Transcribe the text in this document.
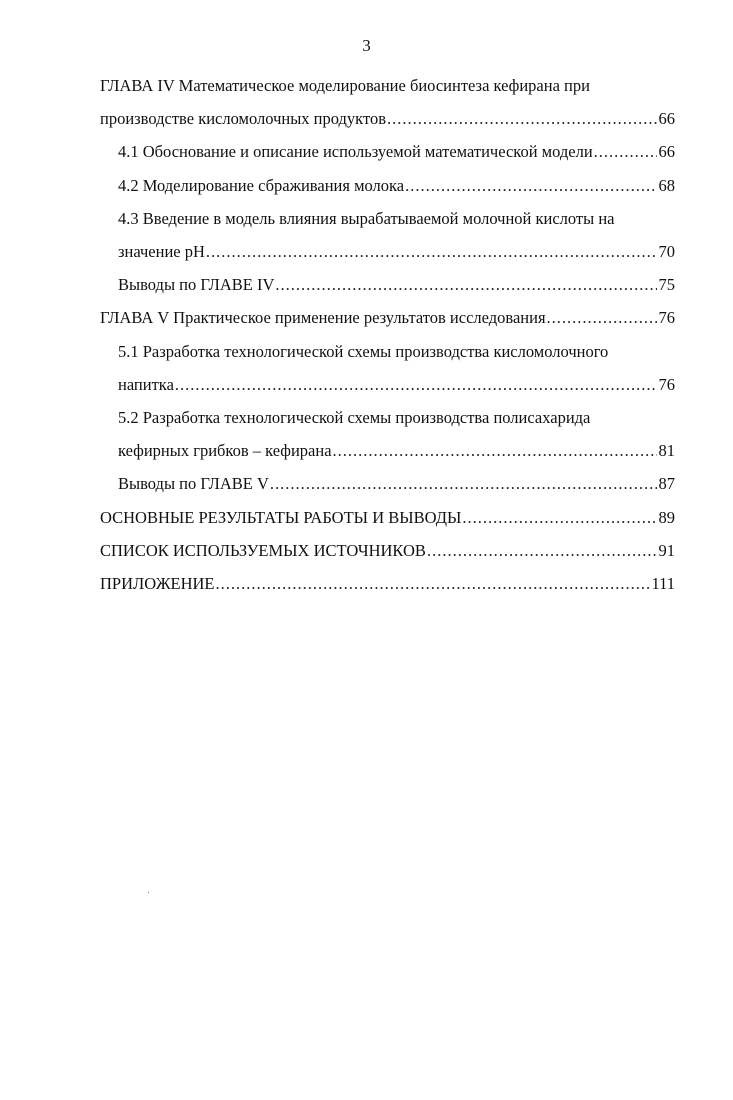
3
ГЛАВА IV Математическое моделирование биосинтеза кефирана при
производстве кисломолочных продуктов .....	66
4.1 Обоснование и описание используемой математической модели .....	66
4.2 Моделирование сбраживания молока .....	68
4.3 Введение в модель влияния вырабатываемой молочной кислоты на
значение pH .....	70
Выводы по ГЛАВЕ IV .....	75
ГЛАВА V Практическое применение результатов исследования .....	76
5.1 Разработка технологической схемы производства кисломолочного
напитка .....	76
5.2 Разработка технологической схемы производства полисахарида
кефирных грибков – кефирана .....	81
Выводы по ГЛАВЕ V .....	87
ОСНОВНЫЕ РЕЗУЛЬТАТЫ РАБОТЫ И ВЫВОДЫ .....	89
СПИСОК ИСПОЛЬЗУЕМЫХ ИСТОЧНИКОВ .....	91
ПРИЛОЖЕНИЕ .....	111
